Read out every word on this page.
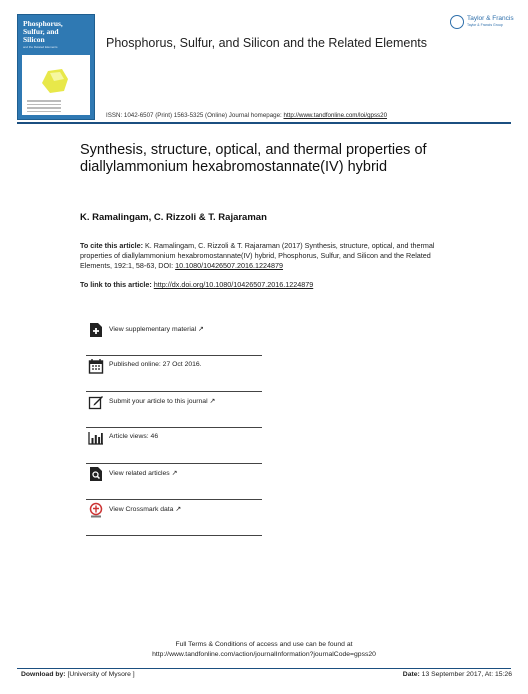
Phosphorus,
Sulfur, and
Silicon
and the Related Elements	Phosphorus, Sulfur, and Silicon and the Related Elements
Taylor & Francis
Taylor & Francis Group
ISSN: 1042-6507 (Print) 1563-5325 (Online) Journal homepage: http://www.tandfonline.com/loi/gpss20
Synthesis, structure, optical, and thermal properties of diallylammonium hexabromostannate(IV) hybrid
K. Ramalingam, C. Rizzoli & T. Rajaraman
To cite this article: K. Ramalingam, C. Rizzoli & T. Rajaraman (2017) Synthesis, structure, optical, and thermal properties of diallylammonium hexabromostannate(IV) hybrid, Phosphorus, Sulfur, and Silicon and the Related Elements, 192:1, 58-63, DOI: 10.1080/10426507.2016.1224879
To link to this article: http://dx.doi.org/10.1080/10426507.2016.1224879
View supplementary material ↗
Published online: 27 Oct 2016.
Submit your article to this journal ↗
Article views: 46
View related articles ↗
View Crossmark data ↗
Full Terms & Conditions of access and use can be found at
http://www.tandfonline.com/action/journalInformation?journalCode=gpss20
Download by: [University of Mysore ]	Date: 13 September 2017, At: 15:26
